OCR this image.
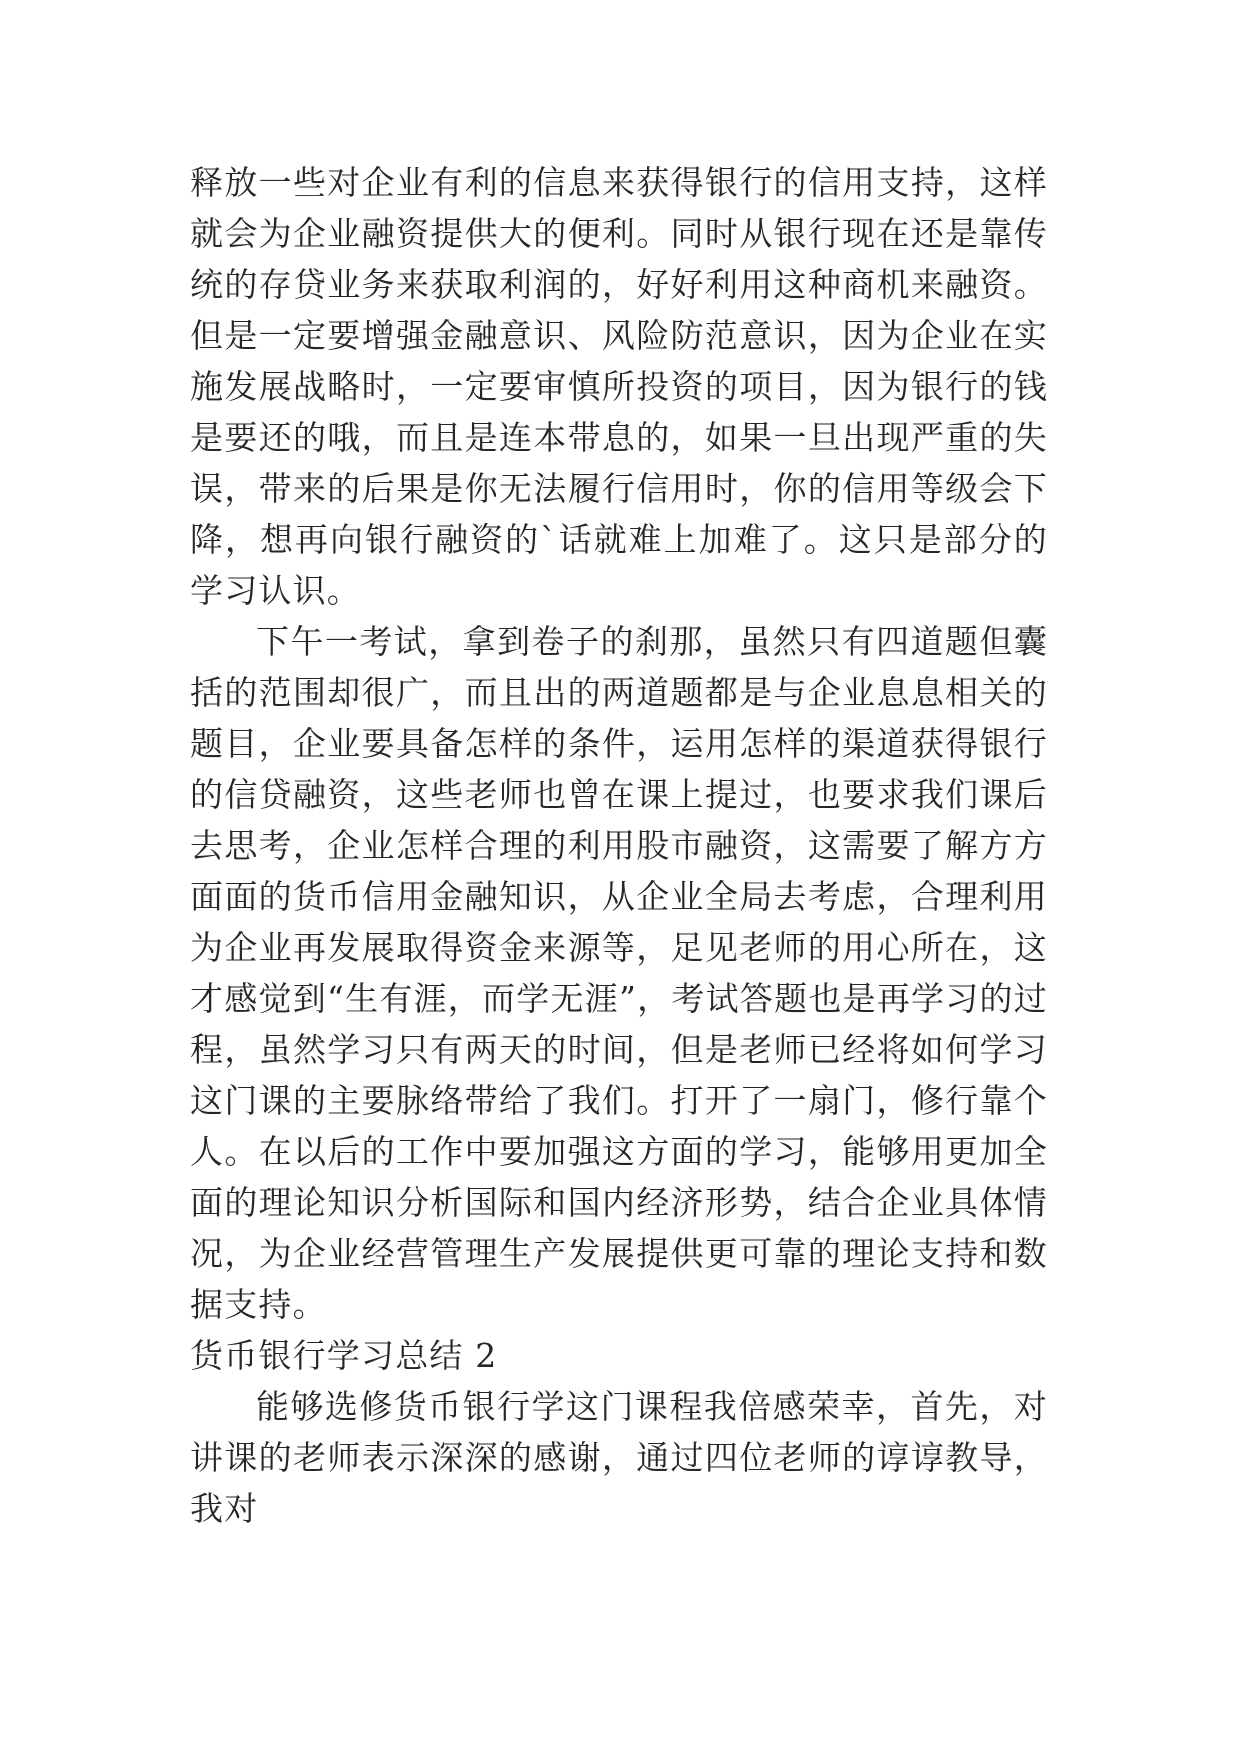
释放一些对企业有利的信息来获得银行的信用支持，这样就会为企业融资提供大的便利。同时从银行现在还是靠传统的存贷业务来获取利润的，好好利用这种商机来融资。但是一定要增强金融意识、风险防范意识，因为企业在实施发展战略时，一定要审慎所投资的项目，因为银行的钱是要还的哦，而且是连本带息的，如果一旦出现严重的失误，带来的后果是你无法履行信用时，你的信用等级会下降，想再向银行融资的`话就难上加难了。这只是部分的学习认识。

下午一考试，拿到卷子的刹那，虽然只有四道题但囊括的范围却很广，而且出的两道题都是与企业息息相关的题目，企业要具备怎样的条件，运用怎样的渠道获得银行的信贷融资，这些老师也曾在课上提过，也要求我们课后去思考，企业怎样合理的利用股市融资，这需要了解方方面面的货币信用金融知识，从企业全局去考虑，合理利用为企业再发展取得资金来源等，足见老师的用心所在，这才感觉到“生有涯，而学无涯”，考试答题也是再学习的过程，虽然学习只有两天的时间，但是老师已经将如何学习这门课的主要脉络带给了我们。打开了一扇门，修行靠个人。在以后的工作中要加强这方面的学习，能够用更加全面的理论知识分析国际和国内经济形势，结合企业具体情况，为企业经营管理生产发展提供更可靠的理论支持和数据支持。

货币银行学习总结 2

能够选修货币银行学这门课程我倍感荣幸，首先，对讲课的老师表示深深的感谢，通过四位老师的谆谆教导，我对
